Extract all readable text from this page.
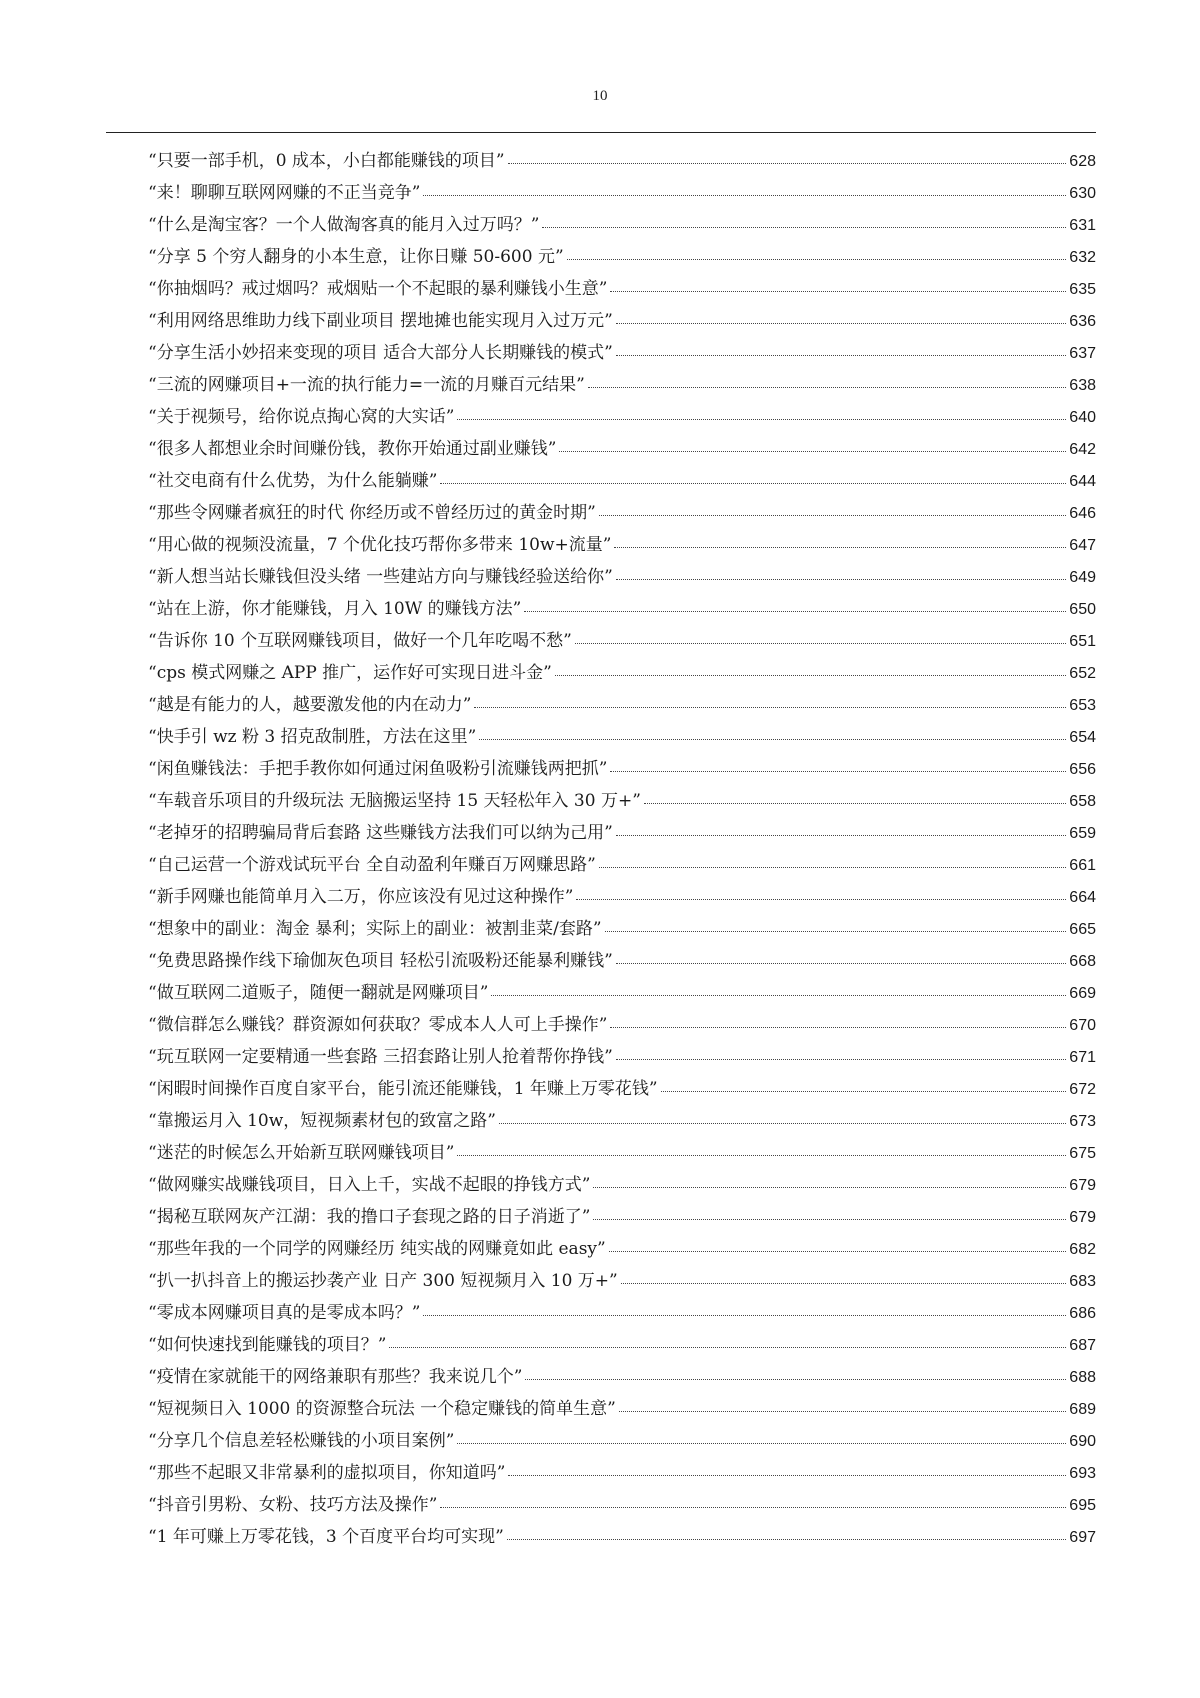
10
“只要一部手机，0 成本，小白都能赚钱的项目”	628
“来！聊聊互联网网赚的不正当竞争”	630
“什么是淘宝客？一个人做淘客真的能月入过万吗？”	631
“分享 5 个穷人翻身的小本生意，让你日赚 50-600 元”	632
“你抽烟吗？戒过烟吗？戒烟贴一个不起眼的暴利赚钱小生意”	635
“利用网络思维助力线下副业项目 摆地摊也能实现月入过万元”	636
“分享生活小妙招来变现的项目 适合大部分人长期赚钱的模式”	637
“三流的网赚项目+一流的执行能力=一流的月赚百元结果”	638
“关于视频号，给你说点掏心窝的大实话”	640
“很多人都想业余时间赚份钱，教你开始通过副业赚钱”	642
“社交电商有什么优势，为什么能躺赚”	644
“那些令网赚者疯狂的时代 你经历或不曾经历过的黄金时期”	646
“用心做的视频没流量，7 个优化技巧帮你多带来 10w+流量”	647
“新人想当站长赚钱但没头绪 一些建站方向与赚钱经验送给你”	649
“站在上游，你才能赚钱，月入 10W 的赚钱方法”	650
“告诉你 10 个互联网赚钱项目，做好一个几年吃喝不愁”	651
“cps 模式网赚之 APP 推广，运作好可实现日进斗金”	652
“越是有能力的人，越要激发他的内在动力”	653
“快手引 wz 粉 3 招克敌制胜，方法在这里”	654
“闲鱼赚钱法：手把手教你如何通过闲鱼吸粉引流赚钱两把抓”	656
“车载音乐项目的升级玩法 无脑搬运坚持 15 天轻松年入 30 万+”	658
“老掉牙的招聘骗局背后套路 这些赚钱方法我们可以纳为己用”	659
“自己运营一个游戏试玩平台 全自动盈利年赚百万网赚思路”	661
“新手网赚也能简单月入二万，你应该没有见过这种操作”	664
“想象中的副业：淘金 暴利；实际上的副业：被割韭菜/套路”	665
“免费思路操作线下瑜伽灰色项目 轻松引流吸粉还能暴利赚钱”	668
“做互联网二道贩子，随便一翻就是网赚项目”	669
“微信群怎么赚钱？群资源如何获取？零成本人人可上手操作”	670
“玩互联网一定要精通一些套路 三招套路让别人抢着帮你挣钱”	671
“闲暇时间操作百度自家平台，能引流还能赚钱，1 年赚上万零花钱”	672
“靠搬运月入 10w，短视频素材包的致富之路”	673
“迷茫的时候怎么开始新互联网赚钱项目”	675
“做网赚实战赚钱项目，日入上千，实战不起眼的挣钱方式”	679
“揭秘互联网灰产江湖：我的撸口子套现之路的日子消逝了”	679
“那些年我的一个同学的网赚经历 纯实战的网赚竟如此 easy”	682
“扒一扒抖音上的搬运抄袭产业 日产 300 短视频月入 10 万+”	683
“零成本网赚项目真的是零成本吗？”	686
“如何快速找到能赚钱的项目？”	687
“疫情在家就能干的网络兼职有那些？我来说几个”	688
“短视频日入 1000 的资源整合玩法 一个稳定赚钱的简单生意”	689
“分享几个信息差轻松赚钱的小项目案例”	690
“那些不起眼又非常暴利的虚拟项目，你知道吗”	693
“抖音引男粉、女粉、技巧方法及操作”	695
“1 年可赚上万零花钱，3 个百度平台均可实现”	697
